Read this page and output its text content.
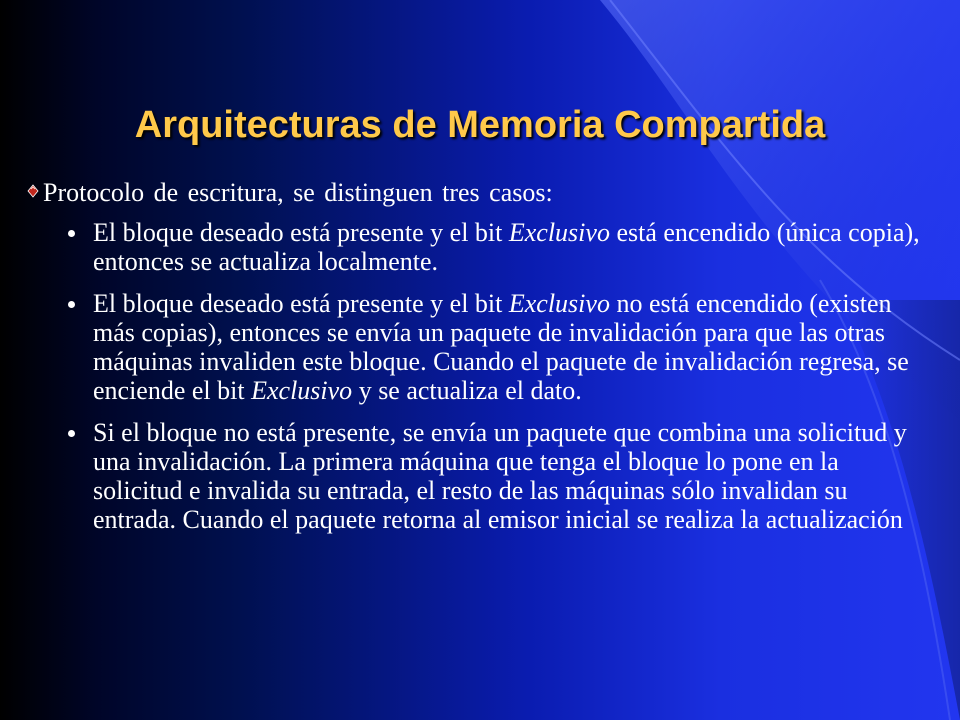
Arquitecturas de Memoria Compartida
Protocolo de escritura, se distinguen tres casos:
El bloque deseado está presente y el bit Exclusivo está encendido (única copia), entonces se actualiza localmente.
El bloque deseado está presente y el bit Exclusivo no está encendido (existen más copias), entonces se envía un paquete de invalidación para que las otras máquinas invaliden este bloque. Cuando el paquete de invalidación regresa, se enciende el bit Exclusivo y se actualiza el dato.
Si el bloque no está presente, se envía un paquete que combina una solicitud y una invalidación. La primera máquina que tenga el bloque lo pone en la solicitud e invalida su entrada, el resto de las máquinas sólo invalidan su entrada. Cuando el paquete retorna al emisor inicial se realiza la actualización
